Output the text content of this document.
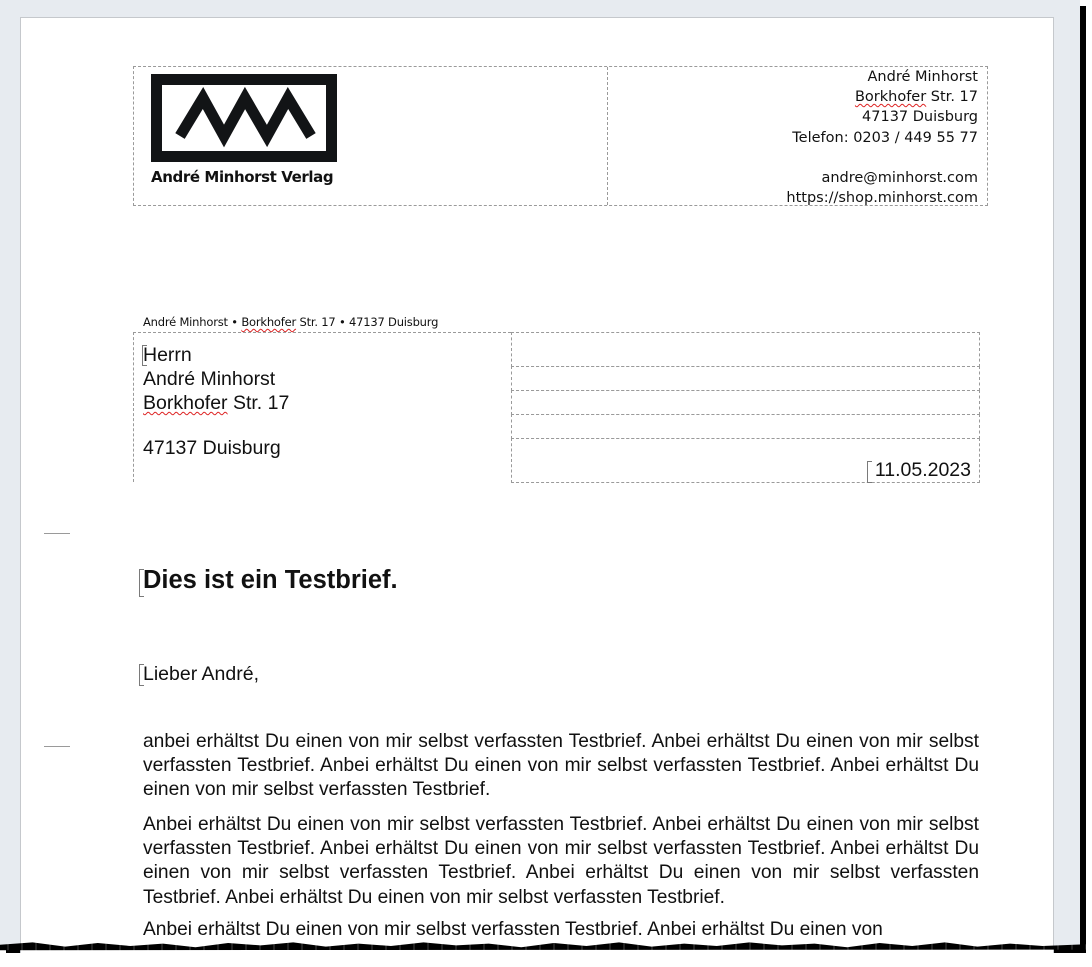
André Minhorst Verlag
André Minhorst
Borkhofer Str. 17
47137 Duisburg
Telefon: 0203 / 449 55 77
andre@minhorst.com
https://shop.minhorst.com
André Minhorst • Borkhofer Str. 17 • 47137 Duisburg
Herrn
André Minhorst
Borkhofer Str. 17
47137 Duisburg
11.05.2023
Dies ist ein Testbrief.
Lieber André,
anbei erhältst Du einen von mir selbst verfassten Testbrief. Anbei erhältst Du einen von mir selbst verfassten Testbrief. Anbei erhältst Du einen von mir selbst verfassten Testbrief. Anbei erhältst Du einen von mir selbst verfassten Testbrief.
Anbei erhältst Du einen von mir selbst verfassten Testbrief. Anbei erhältst Du einen von mir selbst verfassten Testbrief. Anbei erhältst Du einen von mir selbst verfassten Testbrief. Anbei erhältst Du einen von mir selbst verfassten Testbrief. Anbei erhältst Du einen von mir selbst verfassten Testbrief. Anbei erhältst Du einen von mir selbst verfassten Testbrief.
Anbei erhältst Du einen von mir selbst verfassten Testbrief. Anbei erhältst Du einen von
